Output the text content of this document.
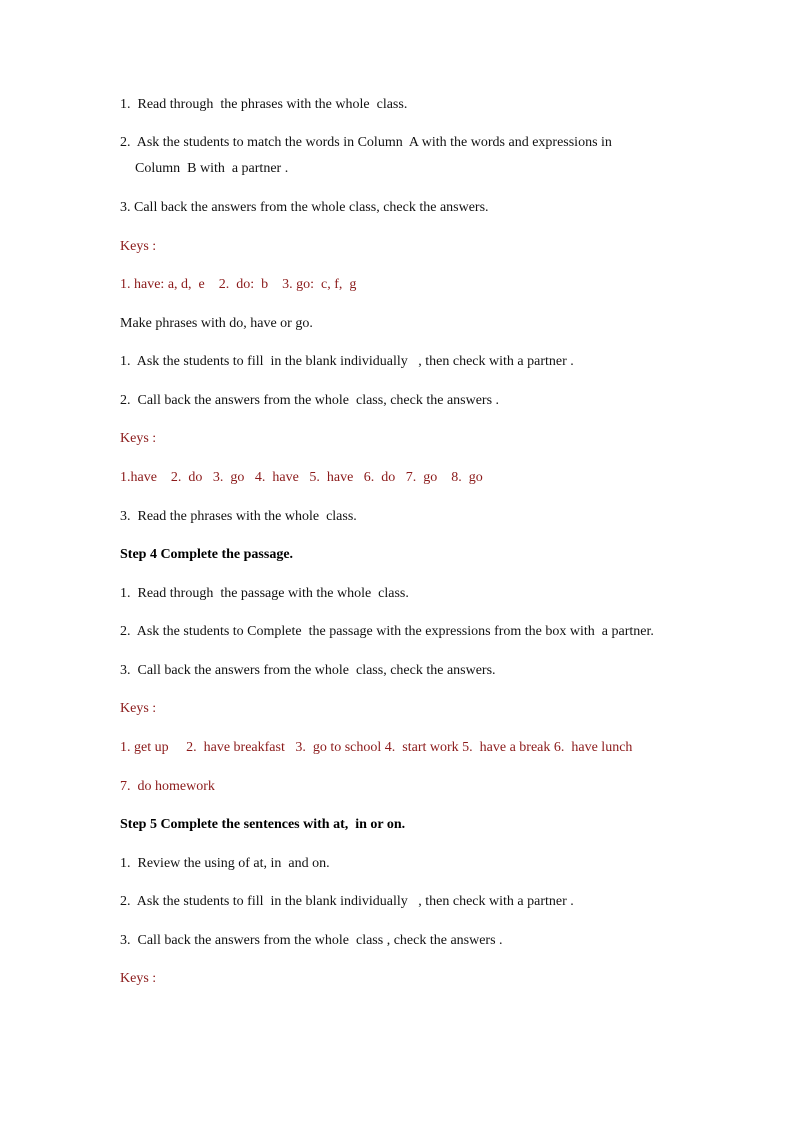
1.  Read through  the phrases with the whole  class.
2.  Ask the students to match the words in Column  A with the words and expressions in
Column  B with  a partner .
3. Call back the answers from the whole class, check the answers.
Keys :
1. have: a, d,  e    2.  do:  b    3. go:  c, f,  g
Make phrases with do, have or go.
1.  Ask the students to fill  in the blank individually   , then check with a partner .
2.  Call back the answers from the whole  class, check the answers .
Keys :
1.have    2.  do   3.  go   4.  have   5.  have   6.  do   7.  go    8.  go
3.  Read the phrases with the whole  class.
Step 4 Complete the passage.
1.  Read through  the passage with the whole  class.
2.  Ask the students to Complete  the passage with the expressions from the box with  a partner.
3.  Call back the answers from the whole  class, check the answers.
Keys :
1. get up     2.  have breakfast   3.  go to school 4.  start work 5.  have a break 6.  have lunch
7.  do homework
Step 5 Complete the sentences with at,  in or on.
1.  Review the using of at, in  and on.
2.  Ask the students to fill  in the blank individually   , then check with a partner .
3.  Call back the answers from the whole  class , check the answers .
Keys :
